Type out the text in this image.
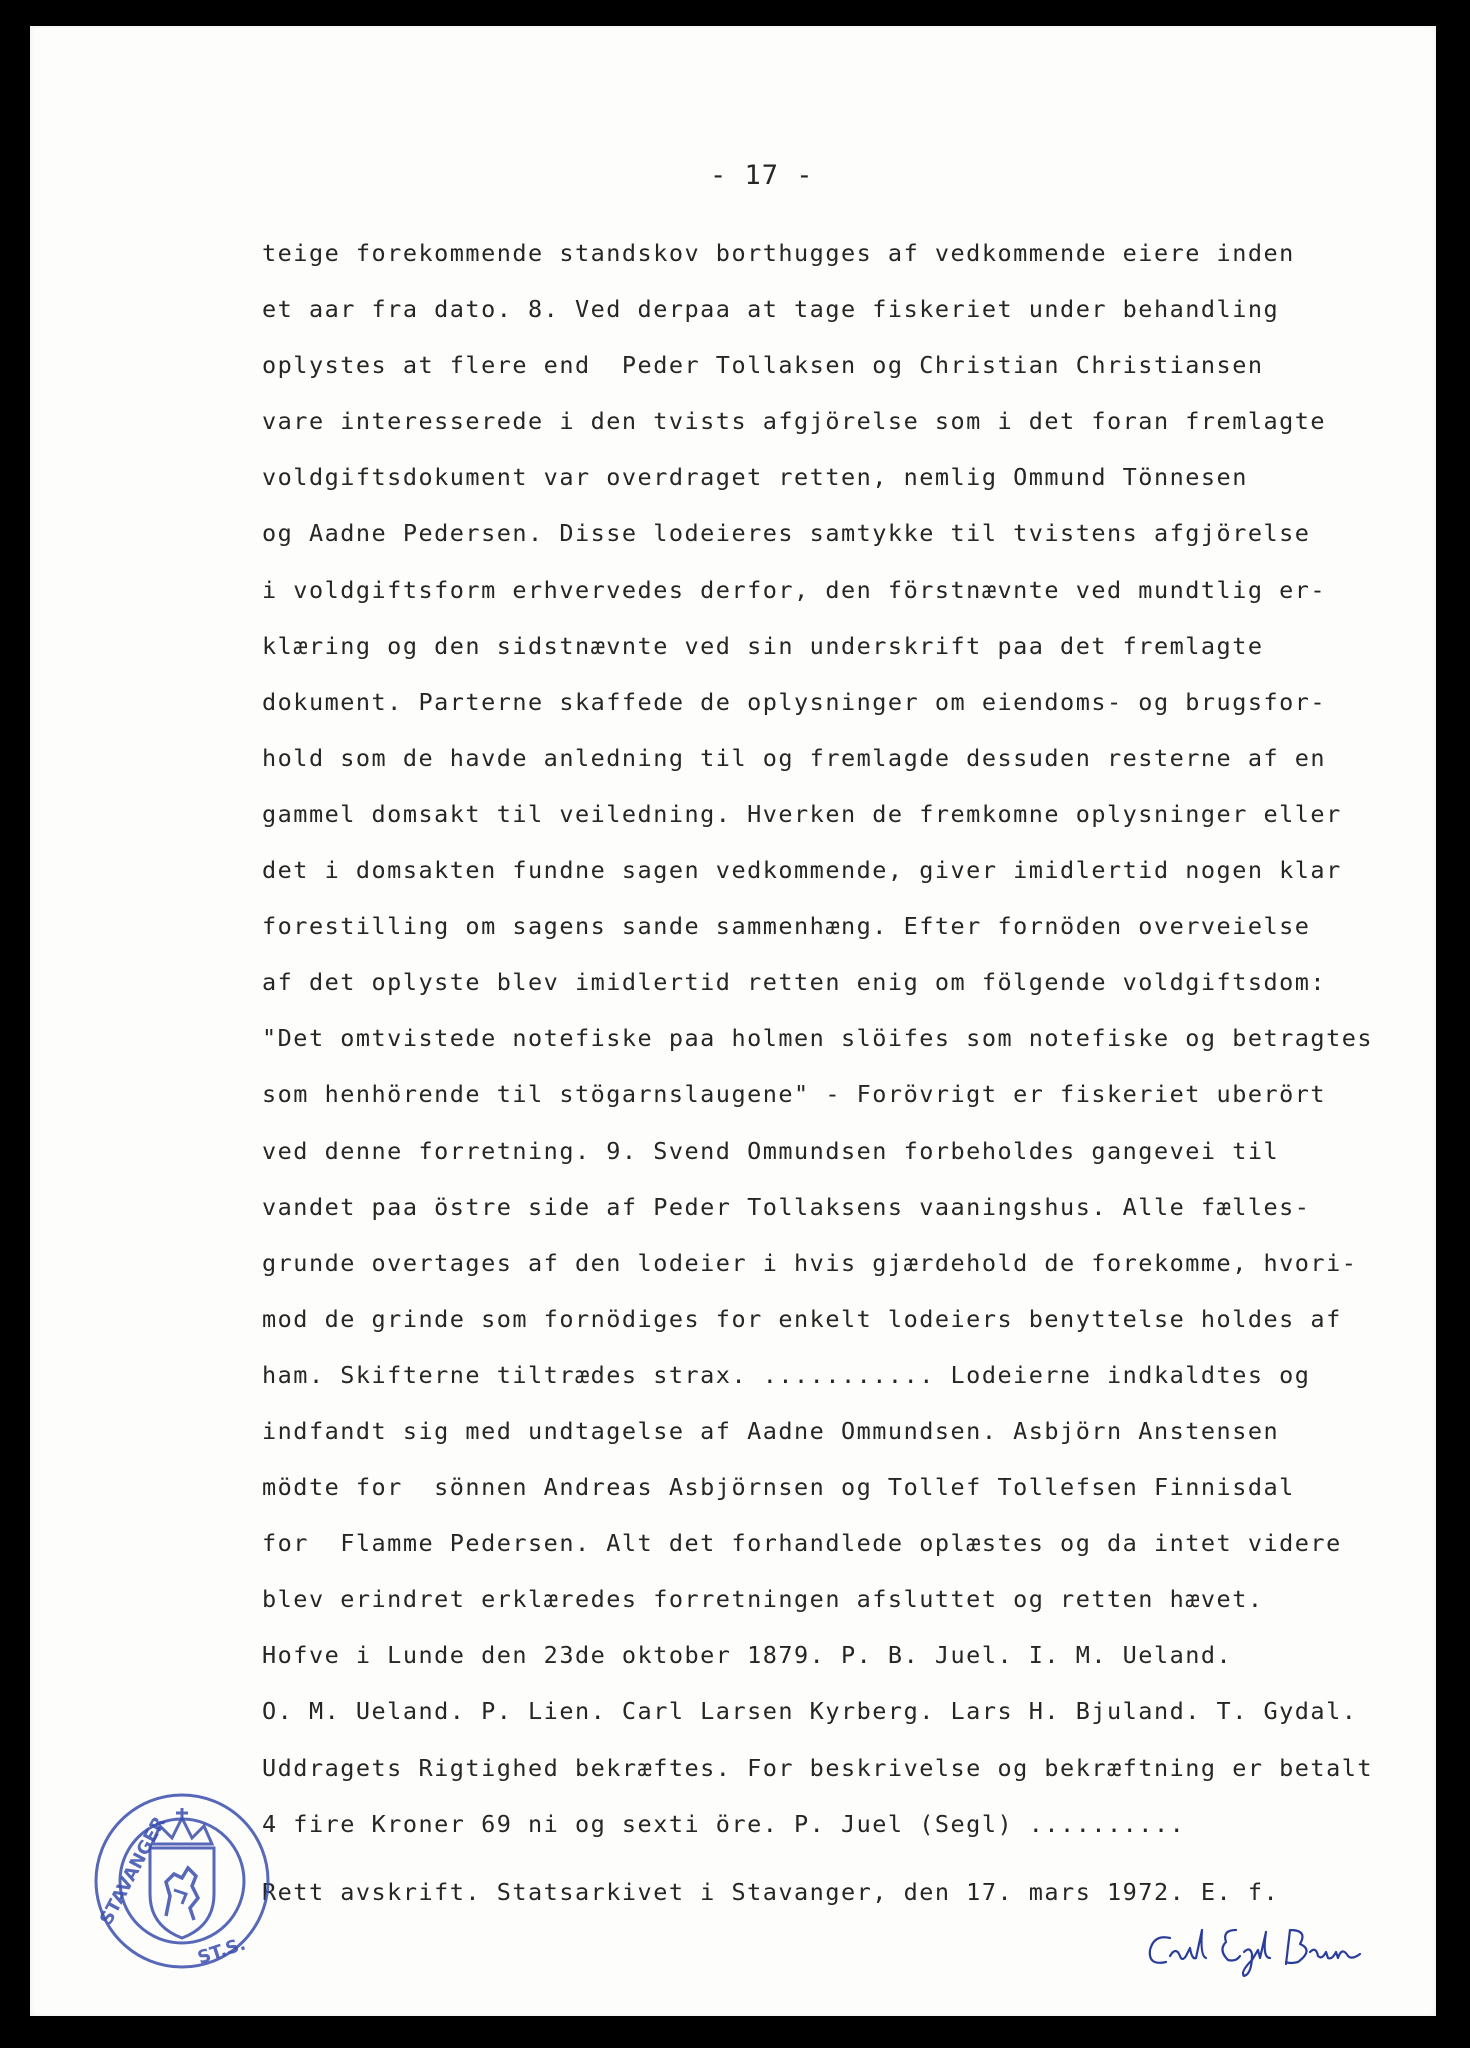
- 17 -
teige forekommende standskov borthugges af vedkommende eiere inden
et aar fra dato. 8. Ved derpaa at tage fiskeriet under behandling
oplystes at flere end  Peder Tollaksen og Christian Christiansen
vare interesserede i den tvists afgjörelse som i det foran fremlagte
voldgiftsdokument var overdraget retten, nemlig Ommund Tönnesen
og Aadne Pedersen. Disse lodeieres samtykke til tvistens afgjörelse
i voldgiftsform erhvervedes derfor, den förstnævnte ved mundtlig er-
klæring og den sidstnævnte ved sin underskrift paa det fremlagte
dokument. Parterne skaffede de oplysninger om eiendoms- og brugsfor-
hold som de havde anledning til og fremlagde dessuden resterne af en
gammel domsakt til veiledning. Hverken de fremkomne oplysninger eller
det i domsakten fundne sagen vedkommende, giver imidlertid nogen klar
forestilling om sagens sande sammenhæng. Efter fornöden overveielse
af det oplyste blev imidlertid retten enig om fölgende voldgiftsdom:
"Det omtvistede notefiske paa holmen slöifes som notefiske og betragtes
som henhörende til stögarnslaugene" - Forövrigt er fiskeriet uberört
ved denne forretning. 9. Svend Ommundsen forbeholdes gangevei til
vandet paa östre side af Peder Tollaksens vaaningshus. Alle fælles-
grunde overtages af den lodeier i hvis gjærdehold de forekomme, hvori-
mod de grinde som fornödiges for enkelt lodeiers benyttelse holdes af
ham. Skifterne tiltrædes strax. ........... Lodeierne indkaldtes og
indfandt sig med undtagelse af Aadne Ommundsen. Asbjörn Anstensen
mödte for  sönnen Andreas Asbjörnsen og Tollef Tollefsen Finnisdal
for  Flamme Pedersen. Alt det forhandlede oplæstes og da intet videre
blev erindret erklæredes forretningen afsluttet og retten hævet.
Hofve i Lunde den 23de oktober 1879. P. B. Juel. I. M. Ueland.
O. M. Ueland. P. Lien. Carl Larsen Kyrberg. Lars H. Bjuland. T. Gydal.
Uddragets Rigtighed bekræftes. For beskrivelse og bekræftning er betalt
4 fire Kroner 69 ni og sexti öre. P. Juel (Segl) ..........
Rett avskrift. Statsarkivet i Stavanger, den 17. mars 1972. E. f.
STAVANGER
ST.S.
